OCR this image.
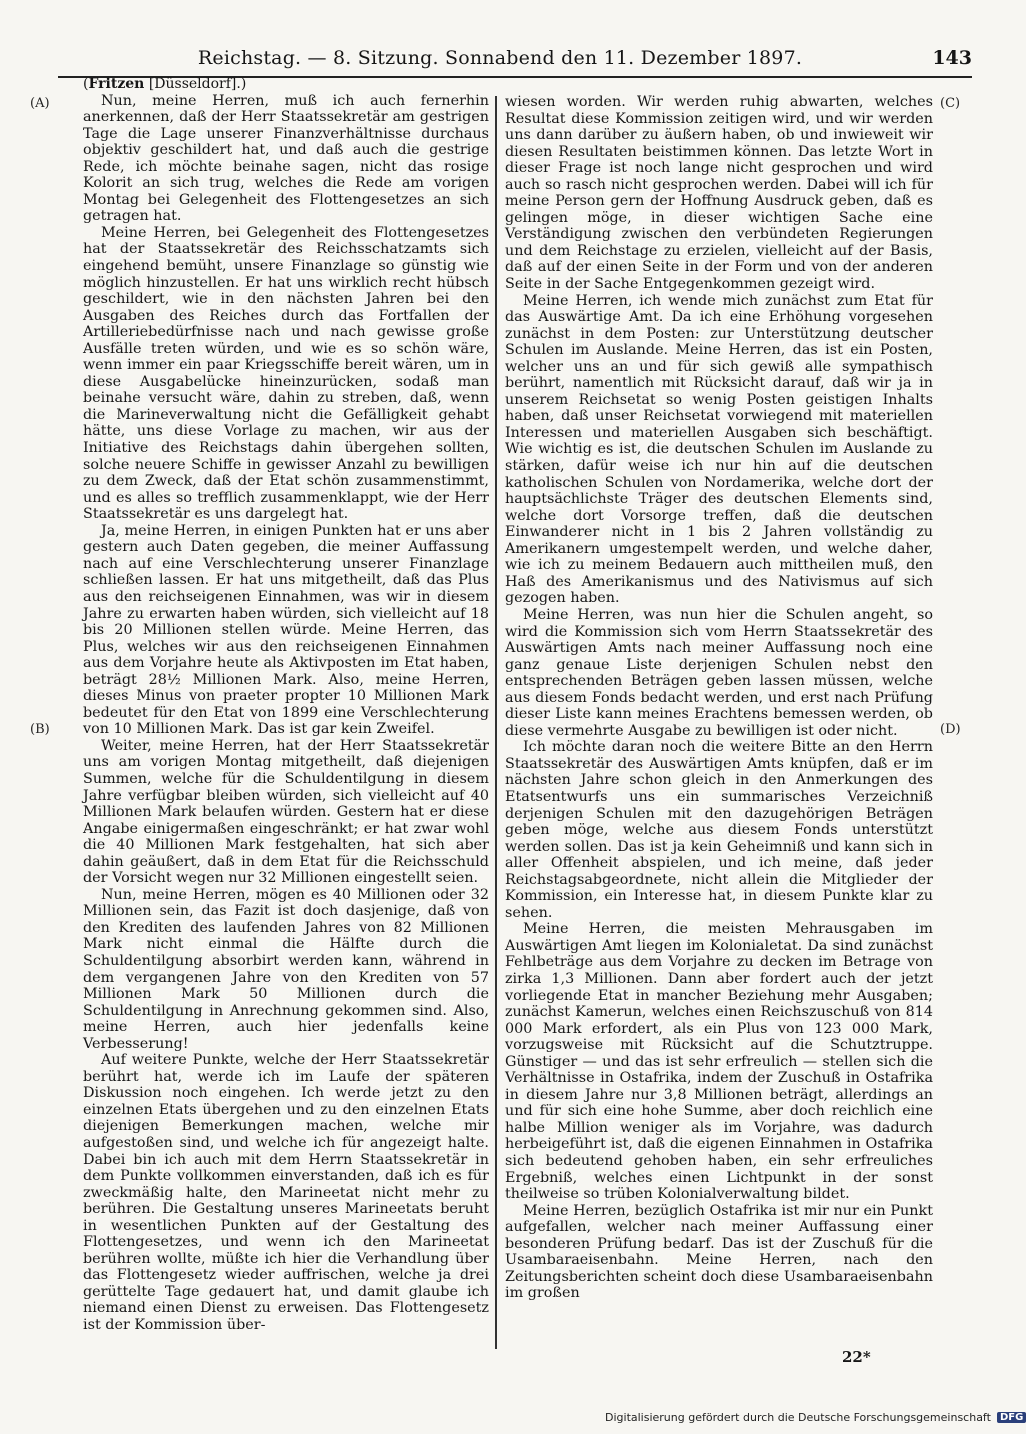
Reichstag. — 8. Sitzung. Sonnabend den 11. Dezember 1897.	143
(A)
(B)
(C)
(D)

(Fritzen [Düsseldorf].)

Nun, meine Herren, muß ich auch fernerhin anerkennen, daß der Herr Staatssekretär am gestrigen Tage die Lage unserer Finanzverhältnisse durchaus objektiv geschildert hat, und daß auch die gestrige Rede, ich möchte beinahe sagen, nicht das rosige Kolorit an sich trug, welches die Rede am vorigen Montag bei Gelegenheit des Flottengesetzes an sich getragen hat.

Meine Herren, bei Gelegenheit des Flottengesetzes hat der Staatssekretär des Reichsschatzamts sich eingehend bemüht, unsere Finanzlage so günstig wie möglich hinzustellen. Er hat uns wirklich recht hübsch geschildert, wie in den nächsten Jahren bei den Ausgaben des Reiches durch das Fortfallen der Artilleriebedürfnisse nach und nach gewisse große Ausfälle treten würden, und wie es so schön wäre, wenn immer ein paar Kriegsschiffe bereit wären, um in diese Ausgabelücke hineinzurücken, sodaß man beinahe versucht wäre, dahin zu streben, daß, wenn die Marineverwaltung nicht die Gefälligkeit gehabt hätte, uns diese Vorlage zu machen, wir aus der Initiative des Reichstags dahin übergehen sollten, solche neuere Schiffe in gewisser Anzahl zu bewilligen zu dem Zweck, daß der Etat schön zusammenstimmt, und es alles so trefflich zusammenklappt, wie der Herr Staatssekretär es uns dargelegt hat.

Ja, meine Herren, in einigen Punkten hat er uns aber gestern auch Daten gegeben, die meiner Auffassung nach auf eine Verschlechterung unserer Finanzlage schließen lassen. Er hat uns mitgetheilt, daß das Plus aus den reichseigenen Einnahmen, was wir in diesem Jahre zu erwarten haben würden, sich vielleicht auf 18 bis 20 Millionen stellen würde. Meine Herren, das Plus, welches wir aus den reichseigenen Einnahmen aus dem Vorjahre heute als Aktivposten im Etat haben, beträgt 28½ Millionen Mark. Also, meine Herren, dieses Minus von praeter propter 10 Millionen Mark bedeutet für den Etat von 1899 eine Verschlechterung von 10 Millionen Mark. Das ist gar kein Zweifel.

Weiter, meine Herren, hat der Herr Staatssekretär uns am vorigen Montag mitgetheilt, daß diejenigen Summen, welche für die Schuldentilgung in diesem Jahre verfügbar bleiben würden, sich vielleicht auf 40 Millionen Mark belaufen würden. Gestern hat er diese Angabe einigermaßen eingeschränkt; er hat zwar wohl die 40 Millionen Mark festgehalten, hat sich aber dahin geäußert, daß in dem Etat für die Reichsschuld der Vorsicht wegen nur 32 Millionen eingestellt seien.

Nun, meine Herren, mögen es 40 Millionen oder 32 Millionen sein, das Fazit ist doch dasjenige, daß von den Krediten des laufenden Jahres von 82 Millionen Mark nicht einmal die Hälfte durch die Schuldentilgung absorbirt werden kann, während in dem vergangenen Jahre von den Krediten von 57 Millionen Mark 50 Millionen durch die Schuldentilgung in Anrechnung gekommen sind. Also, meine Herren, auch hier jedenfalls keine Verbesserung!

Auf weitere Punkte, welche der Herr Staatssekretär berührt hat, werde ich im Laufe der späteren Diskussion noch eingehen. Ich werde jetzt zu den einzelnen Etats übergehen und zu den einzelnen Etats diejenigen Bemerkungen machen, welche mir aufgestoßen sind, und welche ich für angezeigt halte. Dabei bin ich auch mit dem Herrn Staatssekretär in dem Punkte vollkommen einverstanden, daß ich es für zweckmäßig halte, den Marineetat nicht mehr zu berühren. Die Gestaltung unseres Marineetats beruht in wesentlichen Punkten auf der Gestaltung des Flottengesetzes, und wenn ich den Marineetat berühren wollte, müßte ich hier die Verhandlung über das Flottengesetz wieder auffrischen, welche ja drei gerüttelte Tage gedauert hat, und damit glaube ich niemand einen Dienst zu erweisen. Das Flottengesetz ist der Kommission über-

wiesen worden. Wir werden ruhig abwarten, welches Resultat diese Kommission zeitigen wird, und wir werden uns dann darüber zu äußern haben, ob und inwieweit wir diesen Resultaten beistimmen können. Das letzte Wort in dieser Frage ist noch lange nicht gesprochen und wird auch so rasch nicht gesprochen werden. Dabei will ich für meine Person gern der Hoffnung Ausdruck geben, daß es gelingen möge, in dieser wichtigen Sache eine Verständigung zwischen den verbündeten Regierungen und dem Reichstage zu erzielen, vielleicht auf der Basis, daß auf der einen Seite in der Form und von der anderen Seite in der Sache Entgegenkommen gezeigt wird.

Meine Herren, ich wende mich zunächst zum Etat für das Auswärtige Amt. Da ich eine Erhöhung vorgesehen zunächst in dem Posten: zur Unterstützung deutscher Schulen im Auslande. Meine Herren, das ist ein Posten, welcher uns an und für sich gewiß alle sympathisch berührt, namentlich mit Rücksicht darauf, daß wir ja in unserem Reichsetat so wenig Posten geistigen Inhalts haben, daß unser Reichsetat vorwiegend mit materiellen Interessen und materiellen Ausgaben sich beschäftigt. Wie wichtig es ist, die deutschen Schulen im Auslande zu stärken, dafür weise ich nur hin auf die deutschen katholischen Schulen von Nordamerika, welche dort der hauptsächlichste Träger des deutschen Elements sind, welche dort Vorsorge treffen, daß die deutschen Einwanderer nicht in 1 bis 2 Jahren vollständig zu Amerikanern umgestempelt werden, und welche daher, wie ich zu meinem Bedauern auch mittheilen muß, den Haß des Amerikanismus und des Nativismus auf sich gezogen haben.

Meine Herren, was nun hier die Schulen angeht, so wird die Kommission sich vom Herrn Staatssekretär des Auswärtigen Amts nach meiner Auffassung noch eine ganz genaue Liste derjenigen Schulen nebst den entsprechenden Beträgen geben lassen müssen, welche aus diesem Fonds bedacht werden, und erst nach Prüfung dieser Liste kann meines Erachtens bemessen werden, ob diese vermehrte Ausgabe zu bewilligen ist oder nicht.

Ich möchte daran noch die weitere Bitte an den Herrn Staatssekretär des Auswärtigen Amts knüpfen, daß er im nächsten Jahre schon gleich in den Anmerkungen des Etatsentwurfs uns ein summarisches Verzeichniß derjenigen Schulen mit den dazugehörigen Beträgen geben möge, welche aus diesem Fonds unterstützt werden sollen. Das ist ja kein Geheimniß und kann sich in aller Offenheit abspielen, und ich meine, daß jeder Reichstagsabgeordnete, nicht allein die Mitglieder der Kommission, ein Interesse hat, in diesem Punkte klar zu sehen.

Meine Herren, die meisten Mehrausgaben im Auswärtigen Amt liegen im Kolonialetat. Da sind zunächst Fehlbeträge aus dem Vorjahre zu decken im Betrage von zirka 1,3 Millionen. Dann aber fordert auch der jetzt vorliegende Etat in mancher Beziehung mehr Ausgaben; zunächst Kamerun, welches einen Reichszuschuß von 814 000 Mark erfordert, als ein Plus von 123 000 Mark, vorzugsweise mit Rücksicht auf die Schutztruppe. Günstiger — und das ist sehr erfreulich — stellen sich die Verhältnisse in Ostafrika, indem der Zuschuß in Ostafrika in diesem Jahre nur 3,8 Millionen beträgt, allerdings an und für sich eine hohe Summe, aber doch reichlich eine halbe Million weniger als im Vorjahre, was dadurch herbeigeführt ist, daß die eigenen Einnahmen in Ostafrika sich bedeutend gehoben haben, ein sehr erfreuliches Ergebniß, welches einen Lichtpunkt in der sonst theilweise so trüben Kolonialverwaltung bildet.

Meine Herren, bezüglich Ostafrika ist mir nur ein Punkt aufgefallen, welcher nach meiner Auffassung einer besonderen Prüfung bedarf. Das ist der Zuschuß für die Usambaraeisenbahn. Meine Herren, nach den Zeitungsberichten scheint doch diese Usambaraeisenbahn im großen

22*
Digitalisierung gefördert durch die Deutsche Forschungsgemeinschaft DFG
